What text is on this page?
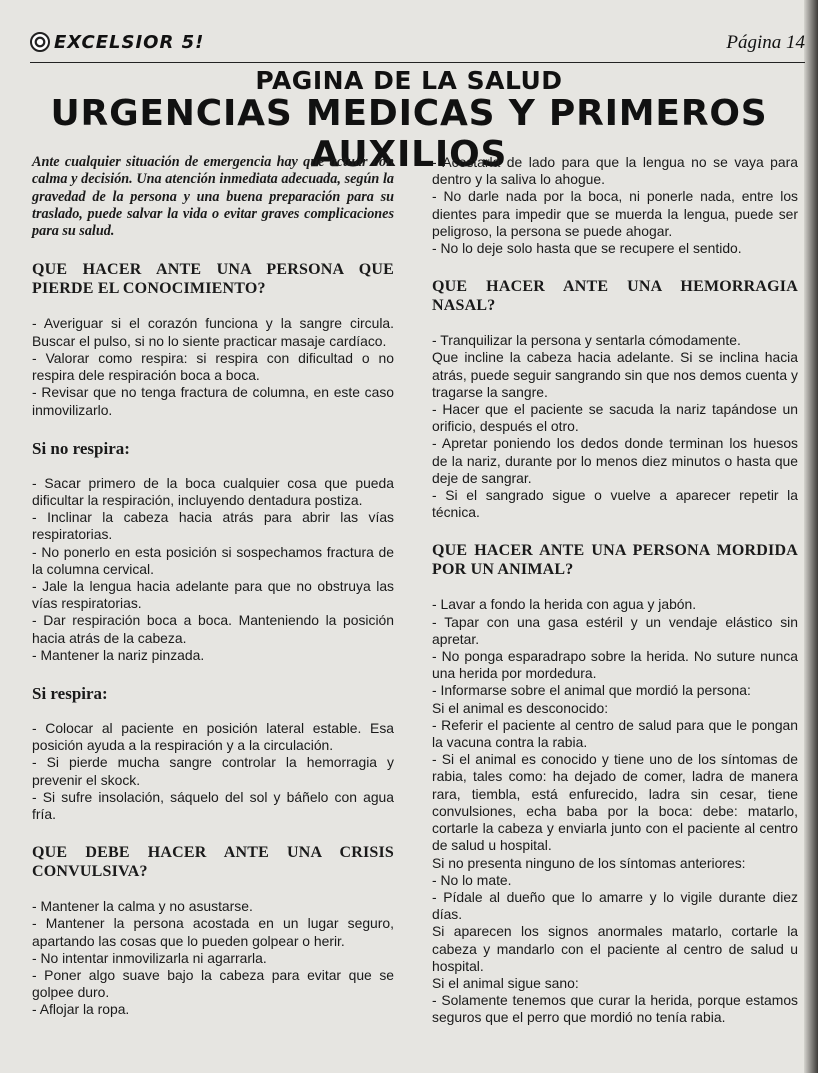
EXCELSIOR 5!	Página 14
PAGINA DE LA SALUD
URGENCIAS MEDICAS Y PRIMEROS AUXILIOS

Ante cualquier situación de emergencia hay que actuar con calma y decisión. Una atención inmediata adecuada, según la gravedad de la persona y una buena preparación para su traslado, puede salvar la vida o evitar graves complicaciones para su salud.

QUE HACER ANTE UNA PERSONA QUE PIERDE EL CONOCIMIENTO?

- Averiguar si el corazón funciona y la sangre circula. Buscar el pulso, si no lo siente practicar masaje cardíaco.

- Valorar como respira: si respira con dificultad o no respira dele respiración boca a boca.

- Revisar que no tenga fractura de columna, en este caso inmovilizarlo.

Si no respira:

- Sacar primero de la boca cualquier cosa que pueda dificultar la respiración, incluyendo dentadura postiza.

- Inclinar la cabeza hacia atrás para abrir las vías respiratorias.

- No ponerlo en esta posición si sospechamos fractura de la columna cervical.

- Jale la lengua hacia adelante para que no obstruya las vías respiratorias.

- Dar respiración boca a boca. Manteniendo la posición hacia atrás de la cabeza.

- Mantener la nariz pinzada.

Si respira:

- Colocar al paciente en posición lateral estable. Esa posición ayuda a la respiración y a la circulación.

- Si pierde mucha sangre controlar la hemorragia y prevenir el skock.

- Si sufre insolación, sáquelo del sol y báñelo con agua fría.

QUE DEBE HACER ANTE UNA CRISIS CONVULSIVA?

- Mantener la calma y no asustarse.

- Mantener la persona acostada en un lugar seguro, apartando las cosas que lo pueden golpear o herir.

- No intentar inmovilizarla ni agarrarla.

- Poner algo suave bajo la cabeza para evitar que se golpee duro.

- Aflojar la ropa.

- Acostarla de lado para que la lengua no se vaya para dentro y la saliva lo ahogue.

- No darle nada por la boca, ni ponerle nada, entre los dientes para impedir que se muerda la lengua, puede ser peligroso, la persona se puede ahogar.

- No lo deje solo hasta que se recupere el sentido.

QUE HACER ANTE UNA HEMORRAGIA NASAL?

- Tranquilizar la persona y sentarla cómodamente.

Que incline la cabeza hacia adelante. Si se inclina hacia atrás, puede seguir sangrando sin que nos demos cuenta y tragarse la sangre.

- Hacer que el paciente se sacuda la nariz tapándose un orificio, después el otro.

- Apretar poniendo los dedos donde terminan los huesos de la nariz, durante por lo menos diez minutos o hasta que deje de sangrar.

- Si el sangrado sigue o vuelve a aparecer repetir la técnica.

QUE HACER ANTE UNA PERSONA MORDIDA POR UN ANIMAL?

- Lavar a fondo la herida con agua y jabón.

- Tapar con una gasa estéril y un vendaje elástico sin apretar.

- No ponga esparadrapo sobre la herida. No suture nunca una herida por mordedura.

- Informarse sobre el animal que mordió la persona:

Si el animal es desconocido:

- Referir el paciente al centro de salud para que le pongan la vacuna contra la rabia.

- Si el animal es conocido y tiene uno de los síntomas de rabia, tales como: ha dejado de comer, ladra de manera rara, tiembla, está enfurecido, ladra sin cesar, tiene convulsiones, echa baba por la boca: debe: matarlo, cortarle la cabeza y enviarla junto con el paciente al centro de salud u hospital.

Si no presenta ninguno de los síntomas anteriores:

- No lo mate.

- Pídale al dueño que lo amarre y lo vigile durante diez días.

Si aparecen los signos anormales matarlo, cortarle la cabeza y mandarlo con el paciente al centro de salud u hospital.

Si el animal sigue sano:

- Solamente tenemos que curar la herida, porque estamos seguros que el perro que mordió no tenía rabia.
